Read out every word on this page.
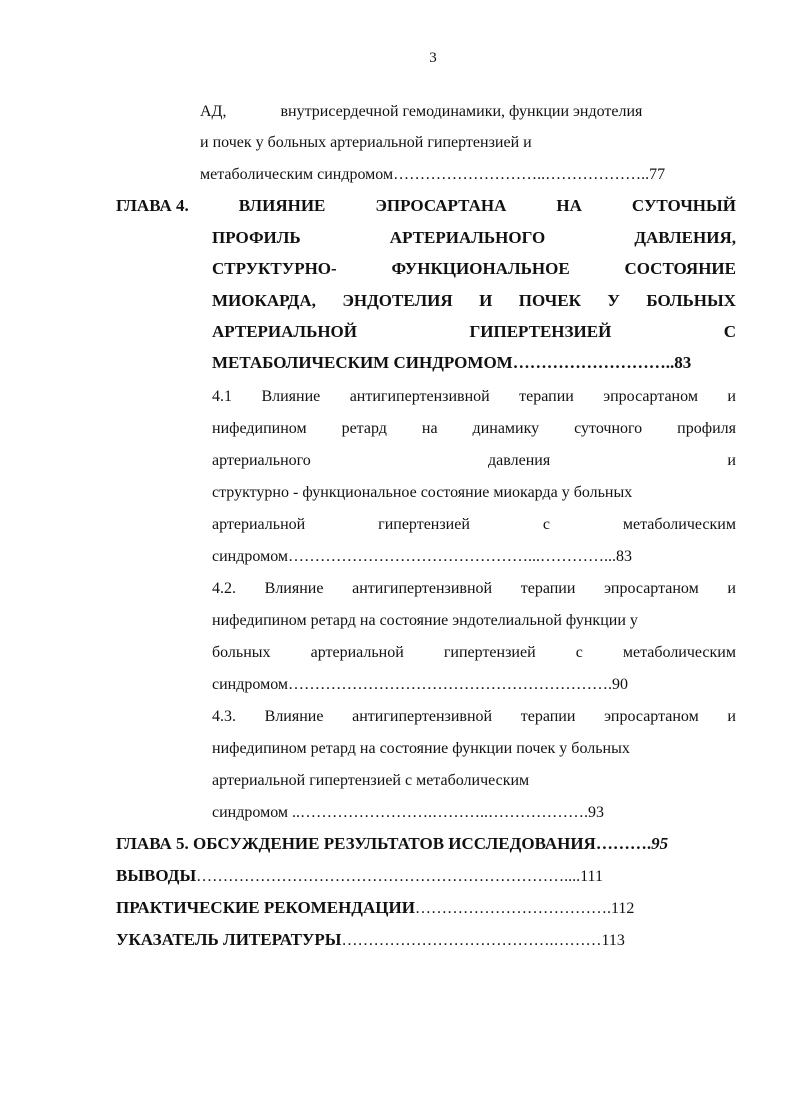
3
АД,	внутрисердечной гемодинамики, функции эндотелия
и почек у больных артериальной гипертензией и
метаболическим синдромом………………………..………………..77
ГЛАВА 4.	ВЛИЯНИЕ	ЭПРОСАРТАНА	НА	СУТОЧНЫЙ
ПРОФИЛЬ	АРТЕРИАЛЬНОГО	ДАВЛЕНИЯ,
СТРУКТУРНО-	ФУНКЦИОНАЛЬНОЕ	СОСТОЯНИЕ
МИОКАРДА, ЭНДОТЕЛИЯ И ПОЧЕК У БОЛЬНЫХ
АРТЕРИАЛЬНОЙ	ГИПЕРТЕНЗИЕЙ	С
МЕТАБОЛИЧЕСКИМ СИНДРОМОМ………………………..83
4.1 Влияние антигипертензивной терапии эпросартаном и
нифедипином ретард на динамику суточного профиля
артериального	давления	и
структурно - функциональное состояние миокарда у больных
артериальной	гипертензией	с	метаболическим
синдромом………………………………………...…………...83
4.2. Влияние антигипертензивной терапии эпросартаном и
нифедипином ретард на состояние эндотелиальной функции у
больных	артериальной	гипертензией	с	метаболическим
синдромом…………………………………………………….90
4.3. Влияние антигипертензивной терапии эпросартаном и
нифедипином ретард на состояние функции почек у больных
артериальной гипертензией с метаболическим
синдромом ..…………………….………..……………….93
ГЛАВА 5. ОБСУЖДЕНИЕ РЕЗУЛЬТАТОВ ИССЛЕДОВАНИЯ……….95
ВЫВОДЫ……………………………………………………………....111
ПРАКТИЧЕСКИЕ РЕКОМЕНДАЦИИ……………………………….112
УКАЗАТЕЛЬ ЛИТЕРАТУРЫ………………………………….………113
